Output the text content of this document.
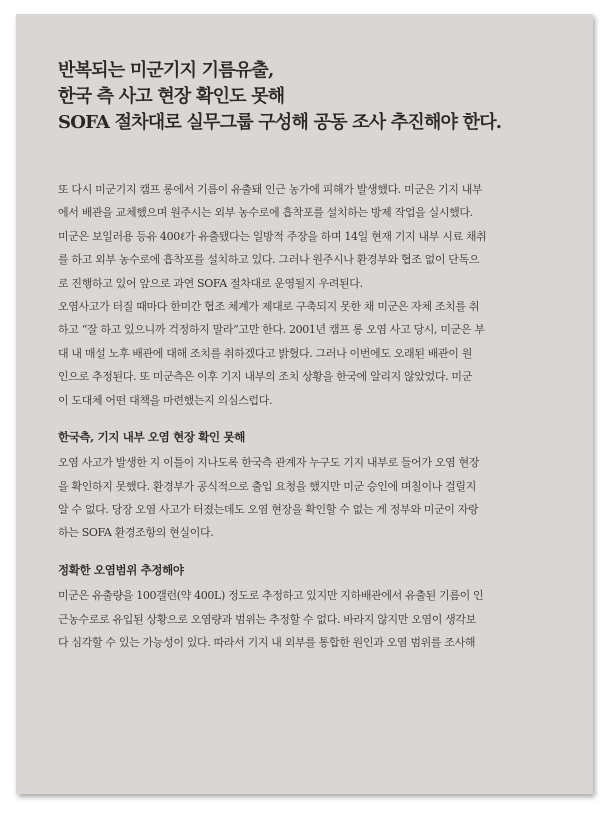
반복되는 미군기지 기름유출,
한국 측 사고 현장 확인도 못해
SOFA 절차대로 실무그룹 구성해 공동 조사 추진해야 한다.
또 다시 미군기지 캠프 롱에서 기름이 유출돼 인근 농가에 피해가 발생했다. 미군은 기지 내부
에서 배관을 교체했으며 원주시는 외부 농수로에 흡착포를 설치하는 방제 작업을 실시했다.
미군은 보일러용 등유 400ℓ가 유출됐다는 일방적 주장을 하며 14일 현재 기지 내부 시료 채취
를 하고 외부 농수로에 흡착포를 설치하고 있다. 그러나 원주시나 환경부와 협조 없이 단독으
로 진행하고 있어 앞으로 과연 SOFA 절차대로 운영될지 우려된다.
오염사고가 터질 때마다 한미간 협조 체계가 제대로 구축되지 못한 채 미군은 자체 조치를 취
하고 “잘 하고 있으니까 걱정하지 말라”고만 한다. 2001년 캠프 롱 오염 사고 당시, 미군은 부
대 내 매설 노후 배관에 대해 조치를 취하겠다고 밝혔다. 그러나 이번에도 오래된 배관이 원
인으로 추정된다. 또 미군측은 이후 기지 내부의 조치 상황을 한국에 알리지 않았었다. 미군
이 도대체 어떤 대책을 마련했는지 의심스럽다.
한국측, 기지 내부 오염 현장 확인 못해
오염 사고가 발생한 지 이틀이 지나도록 한국측 관계자 누구도 기지 내부로 들어가 오염 현장
을 확인하지 못했다. 환경부가 공식적으로 출입 요청을 했지만 미군 승인에 며칠이나 걸릴지
알 수 없다. 당장 오염 사고가 터졌는데도 오염 현장을 확인할 수 없는 게 정부와 미군이 자랑
하는 SOFA 환경조항의 현실이다.
정확한 오염범위 추정해야
미군은 유출량을 100갤런(약 400L) 정도로 추정하고 있지만 지하배관에서 유출된 기름이 인
근농수로로 유입된 상황으로 오염량과 범위는 추정할 수 없다. 바라지 않지만 오염이 생각보
다 심각할 수 있는 가능성이 있다. 따라서 기지 내 외부를 통합한 원인과 오염 범위를 조사해
